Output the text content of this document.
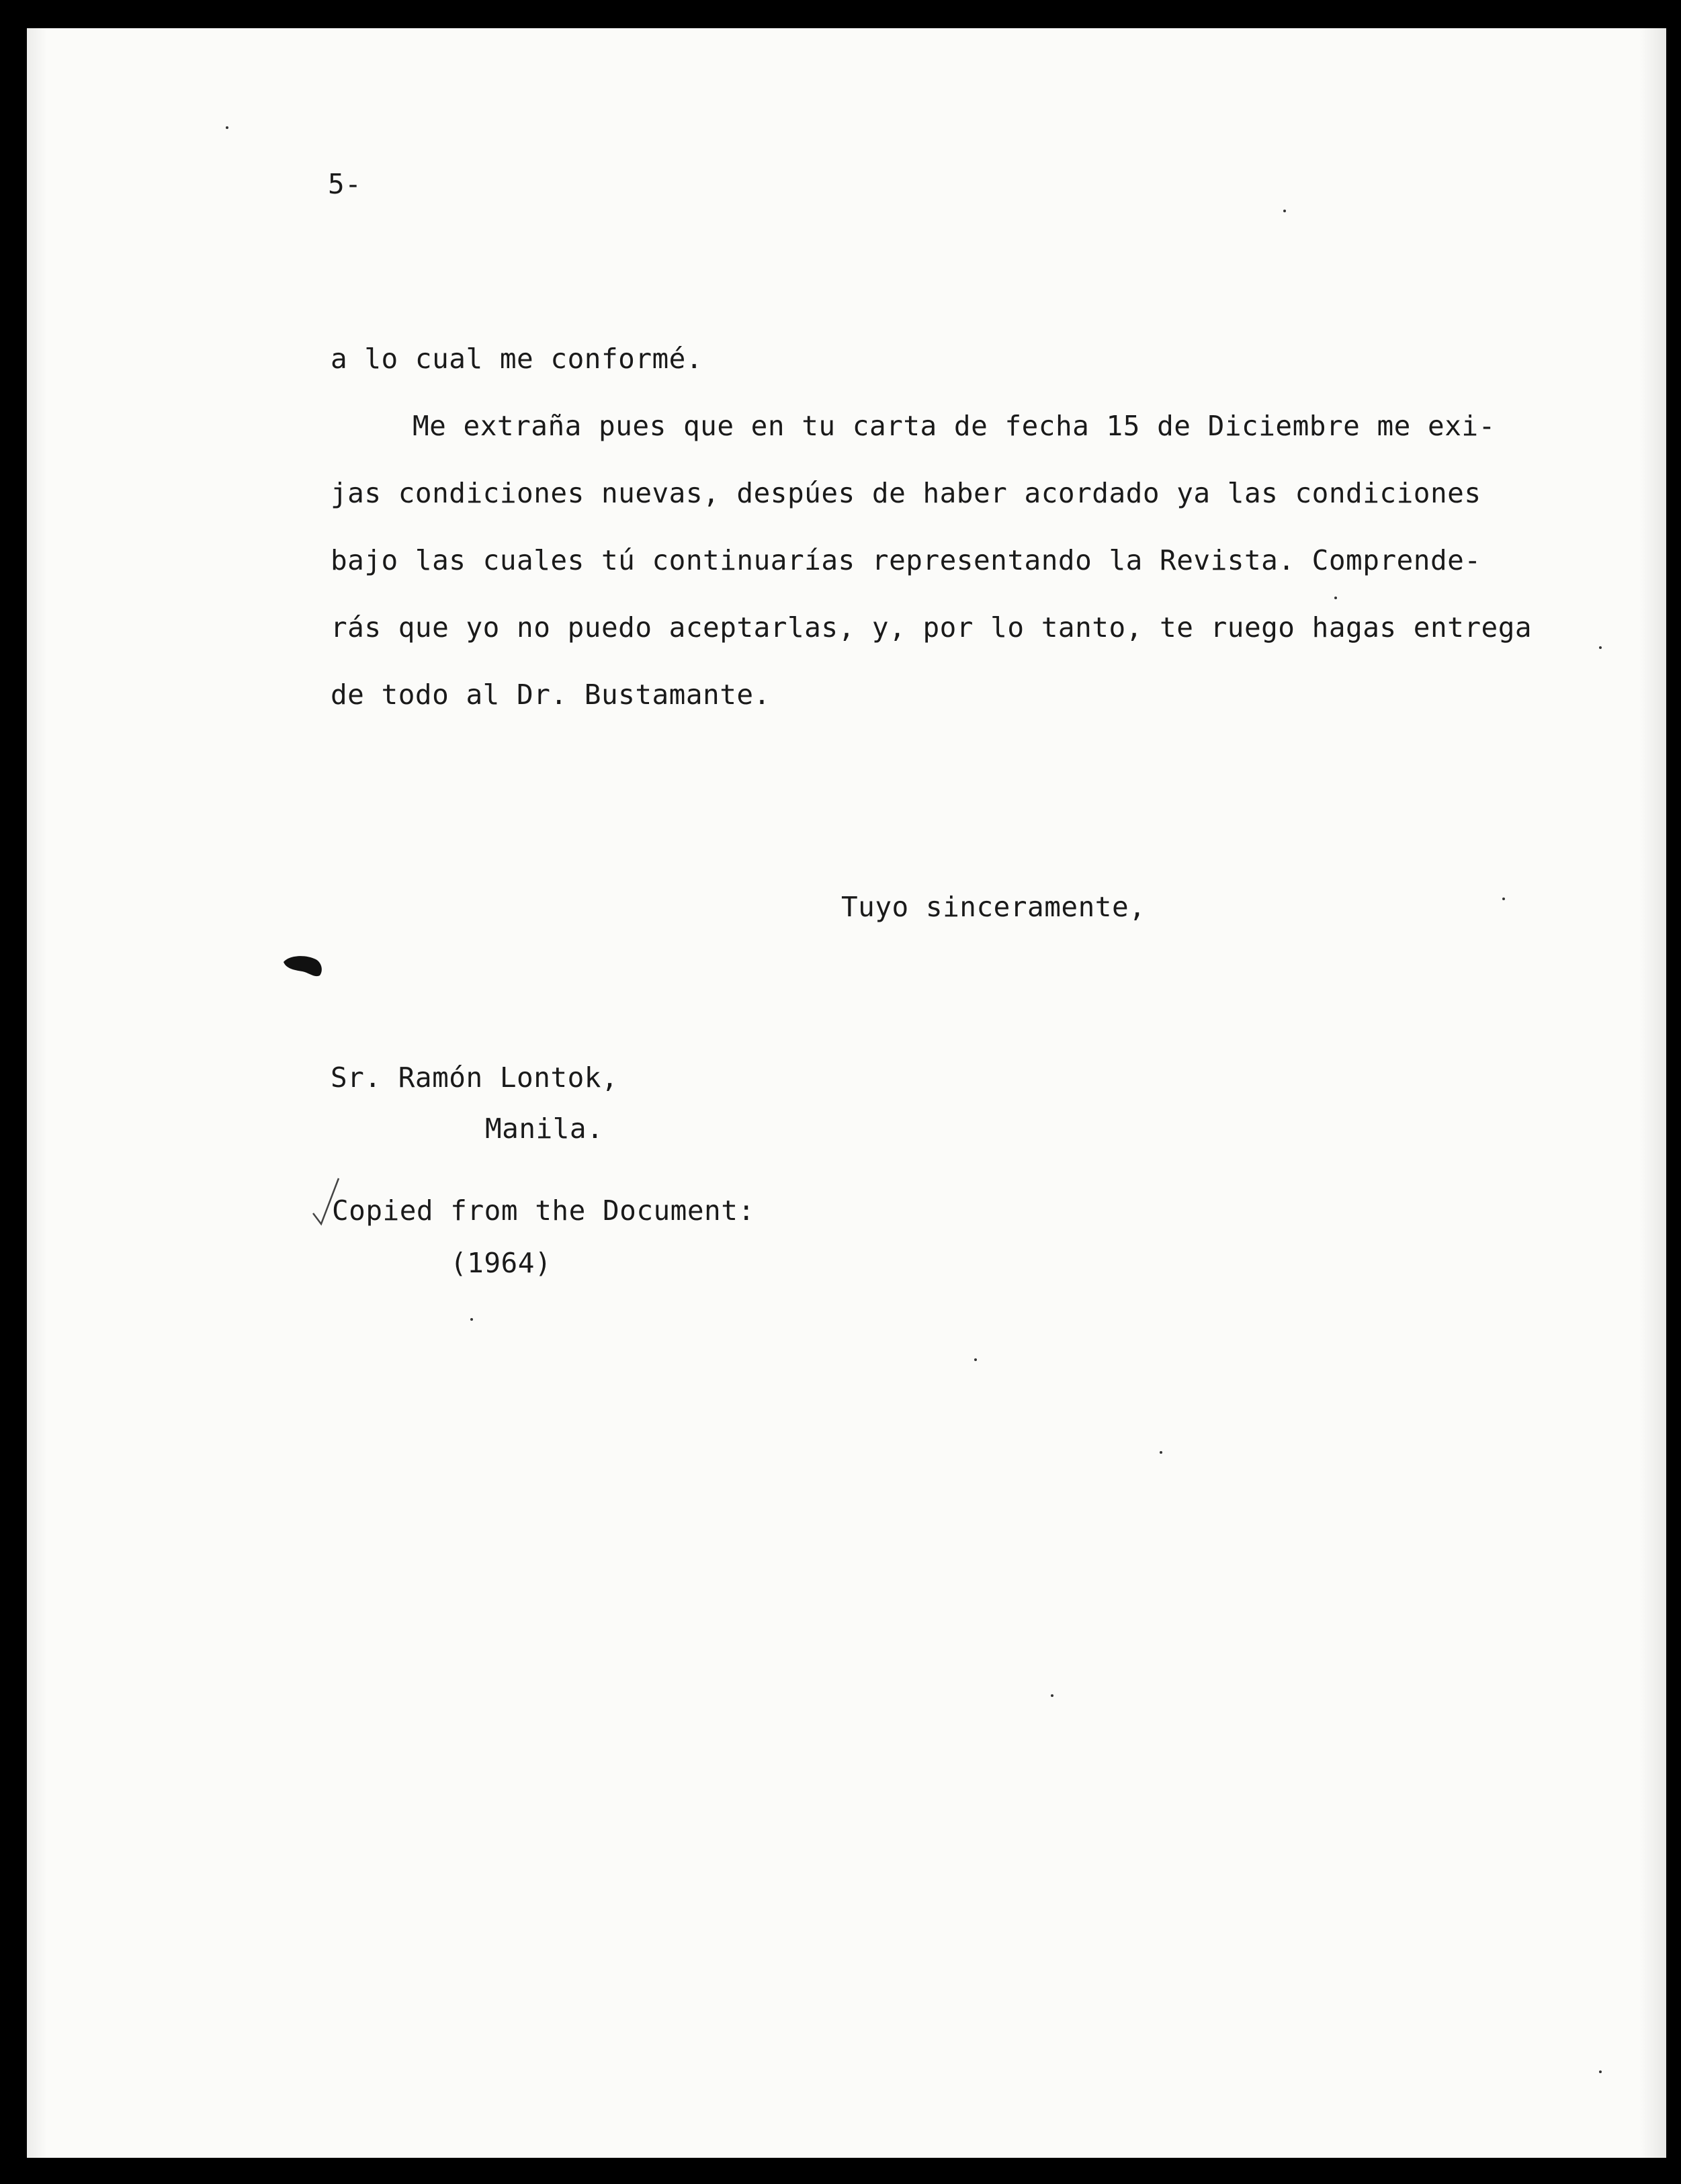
5-
a lo cual me conformé.
Me extraña pues que en tu carta de fecha 15 de Diciembre me exi-
jas condiciones nuevas, despúes de haber acordado ya las condiciones
bajo las cuales tú continuarías representando la Revista. Comprende-
rás que yo no puedo aceptarlas, y, por lo tanto, te ruego hagas entrega
de todo al Dr. Bustamante.
Tuyo sinceramente,
Sr. Ramón Lontok,
Manila.
Copied from the Document:
(1964)
